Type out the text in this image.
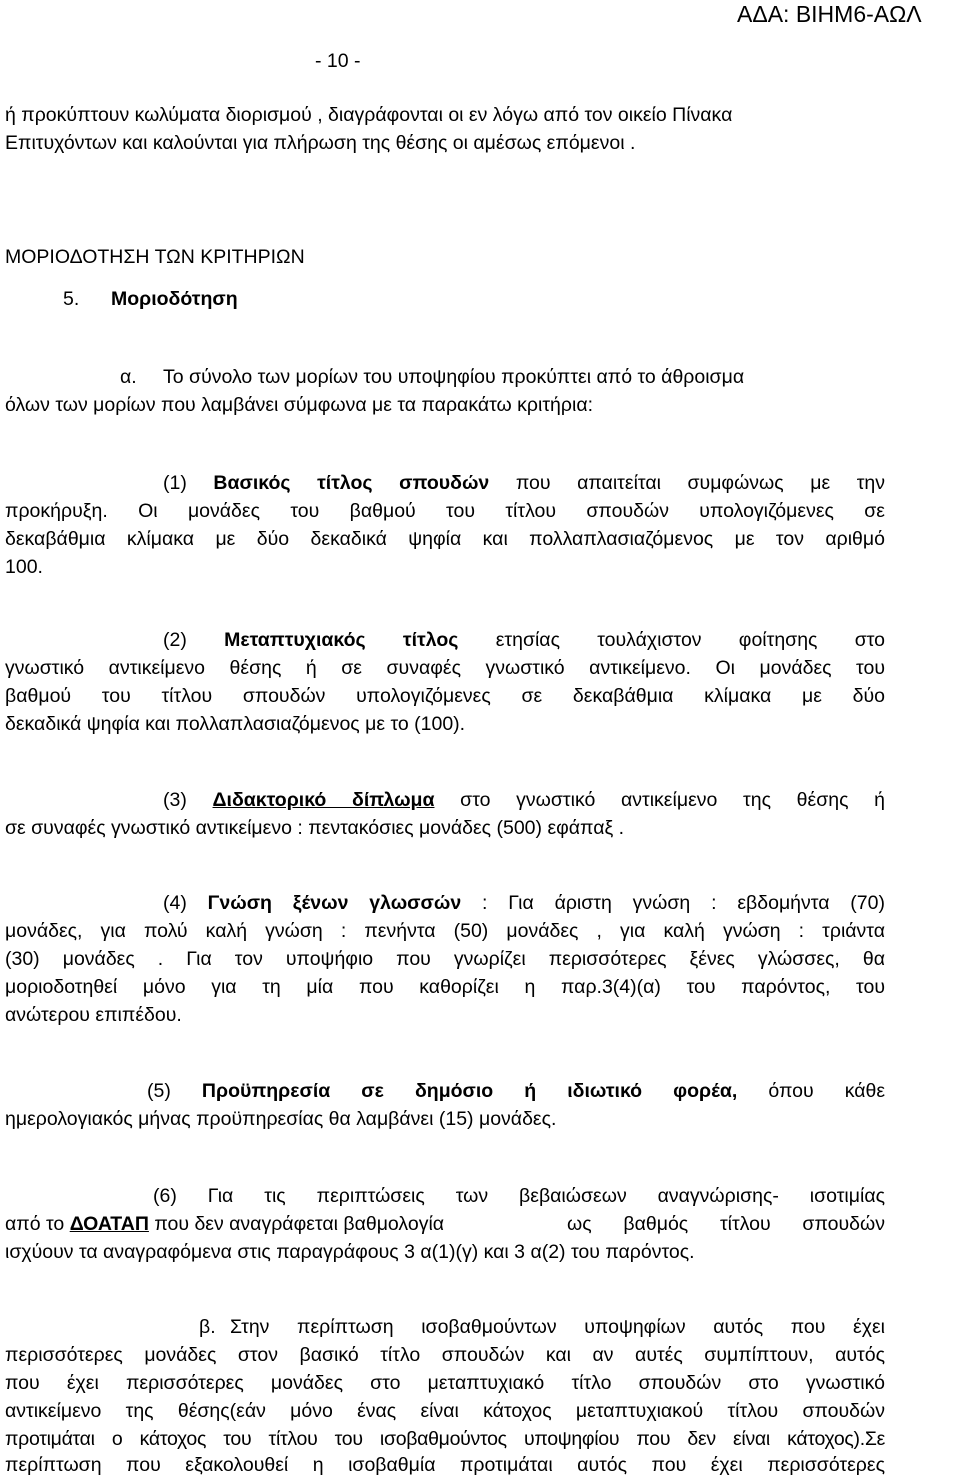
ΑΔΑ: ΒΙΗΜ6-ΑΩΛ
- 10 -
ή προκύπτουν κωλύματα διορισμού , διαγράφονται οι εν λόγω από τον οικείο Πίνακα
Επιτυχόντων και καλούνται για πλήρωση της θέσης οι αμέσως επόμενοι .
ΜΟΡΙΟΔΟΤΗΣΗ ΤΩΝ ΚΡΙΤΗΡΙΩΝ
5. Μοριοδότηση
α. Το σύνολο των μορίων του υποψηφίου προκύπτει από το άθροισμα
όλων των μορίων που λαμβάνει σύμφωνα με τα παρακάτω κριτήρια:
(1) Βασικός τίτλος σπουδών που απαιτείται συμφώνως με την
προκήρυξη. Οι μονάδες του βαθμού του τίτλου σπουδών υπολογιζόμενες σε
δεκαβάθμια κλίμακα με δύο δεκαδικά ψηφία και πολλαπλασιαζόμενος με τον αριθμό
100.
(2) Μεταπτυχιακός τίτλος ετησίας τουλάχιστον φοίτησης στο
γνωστικό αντικείμενο θέσης ή σε συναφές γνωστικό αντικείμενο. Οι μονάδες του
βαθμού του τίτλου σπουδών υπολογιζόμενες σε δεκαβάθμια κλίμακα με δύο
δεκαδικά ψηφία και πολλαπλασιαζόμενος με το (100).
(3) Διδακτορικό δίπλωμα στο γνωστικό αντικείμενο της θέσης ή
σε συναφές γνωστικό αντικείμενο : πεντακόσιες μονάδες (500) εφάπαξ .
(4) Γνώση ξένων γλωσσών : Για άριστη γνώση : εβδομήντα (70)
μονάδες, για πολύ καλή γνώση : πενήντα (50) μονάδες , για καλή γνώση : τριάντα
(30) μονάδες . Για τον υποψήφιο που γνωρίζει περισσότερες ξένες γλώσσες, θα
μοριοδοτηθεί μόνο για τη μία που καθορίζει η παρ.3(4)(α) του παρόντος, του
ανώτερου επιπέδου.
(5) Προϋπηρεσία σε δημόσιο ή ιδιωτικό φορέα, όπου κάθε
ημερολογιακός μήνας προϋπηρεσίας θα λαμβάνει (15) μονάδες.
(6) Για τις περιπτώσεις των βεβαιώσεων αναγνώρισης- ισοτιμίας
από το ΔΟΑΤΑΠ που δεν αναγράφεται βαθμολογία	ως βαθμός τίτλου σπουδών
ισχύουν τα αναγραφόμενα στις παραγράφους 3 α(1)(γ) και 3 α(2) του παρόντος.
β. Στην περίπτωση ισοβαθμούντων υποψηφίων αυτός που έχει
περισσότερες μονάδες στον βασικό τίτλο σπουδών και αν αυτές συμπίπτουν, αυτός
που έχει περισσότερες μονάδες στο μεταπτυχιακό τίτλο σπουδών στο γνωστικό
αντικείμενο της θέσης(εάν μόνο ένας είναι κάτοχος μεταπτυχιακού τίτλου σπουδών
προτιμάται ο κάτοχος του τίτλου του ισοβαθμούντος υποψηφίου που δεν είναι κάτοχος).Σε
περίπτωση που εξακολουθεί η ισοβαθμία προτιμάται αυτός που έχει περισσότερες
